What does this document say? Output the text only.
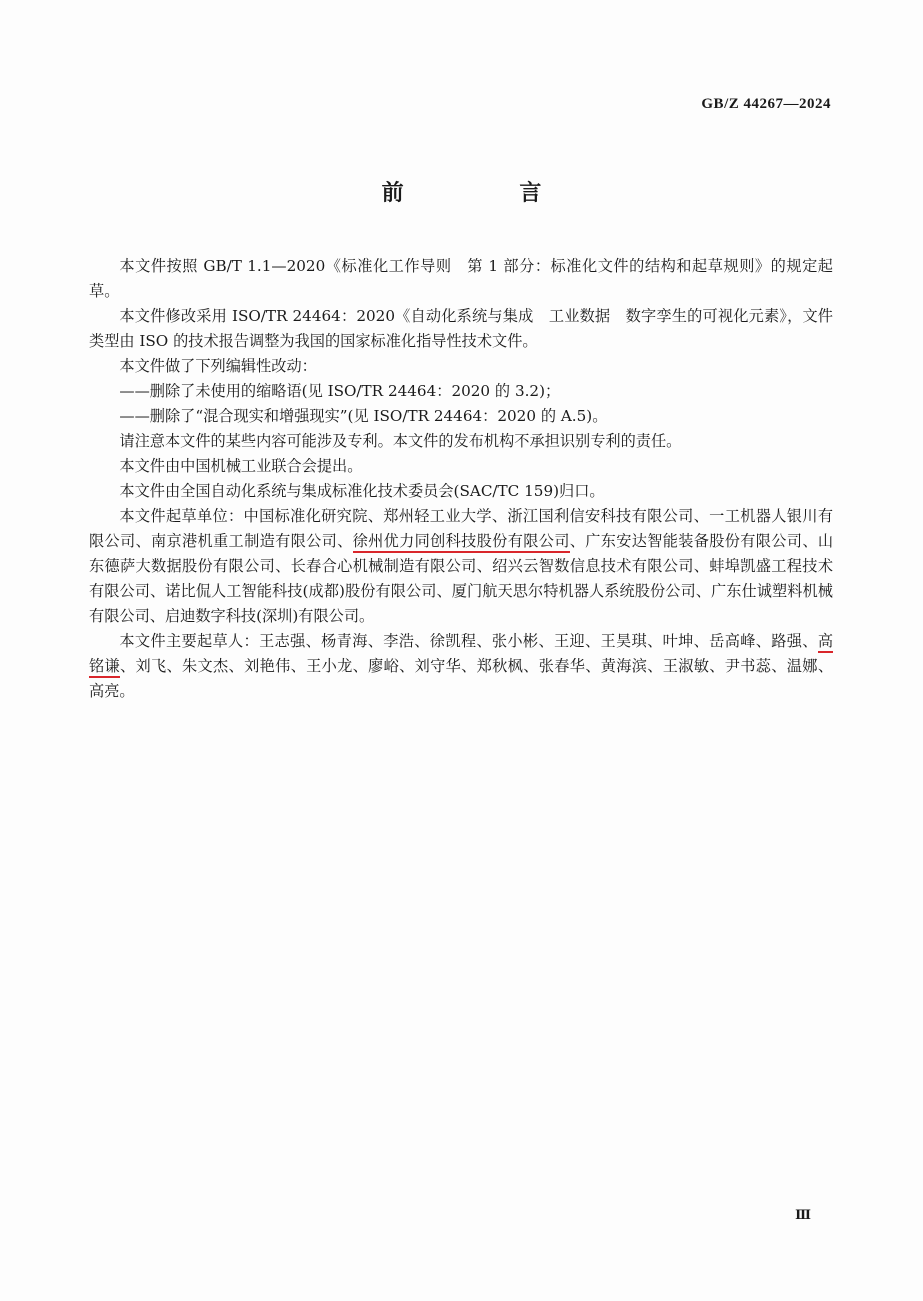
GB/Z 44267—2024
前 言

本文件按照 GB/T 1.1—2020《标准化工作导则　第 1 部分：标准化文件的结构和起草规则》的规定起草。

本文件修改采用 ISO/TR 24464：2020《自动化系统与集成　工业数据　数字孪生的可视化元素》，文件类型由 ISO 的技术报告调整为我国的国家标准化指导性技术文件。

本文件做了下列编辑性改动：

——删除了未使用的缩略语(见 ISO/TR 24464：2020 的 3.2)；

——删除了“混合现实和增强现实”(见 ISO/TR 24464：2020 的 A.5)。

请注意本文件的某些内容可能涉及专利。本文件的发布机构不承担识别专利的责任。

本文件由中国机械工业联合会提出。

本文件由全国自动化系统与集成标准化技术委员会(SAC/TC 159)归口。

本文件起草单位：中国标准化研究院、郑州轻工业大学、浙江国利信安科技有限公司、一工机器人银川有限公司、南京港机重工制造有限公司、徐州优力同创科技股份有限公司、广东安达智能装备股份有限公司、山东德萨大数据股份有限公司、长春合心机械制造有限公司、绍兴云智数信息技术有限公司、蚌埠凯盛工程技术有限公司、诺比侃人工智能科技(成都)股份有限公司、厦门航天思尔特机器人系统股份公司、广东仕诚塑料机械有限公司、启迪数字科技(深圳)有限公司。

本文件主要起草人：王志强、杨青海、李浩、徐凯程、张小彬、王迎、王昊琪、叶坤、岳高峰、路强、高铭谦、刘飞、朱文杰、刘艳伟、王小龙、廖峪、刘守华、郑秋枫、张春华、黄海滨、王淑敏、尹书蕊、温娜、高亮。

Ⅲ
